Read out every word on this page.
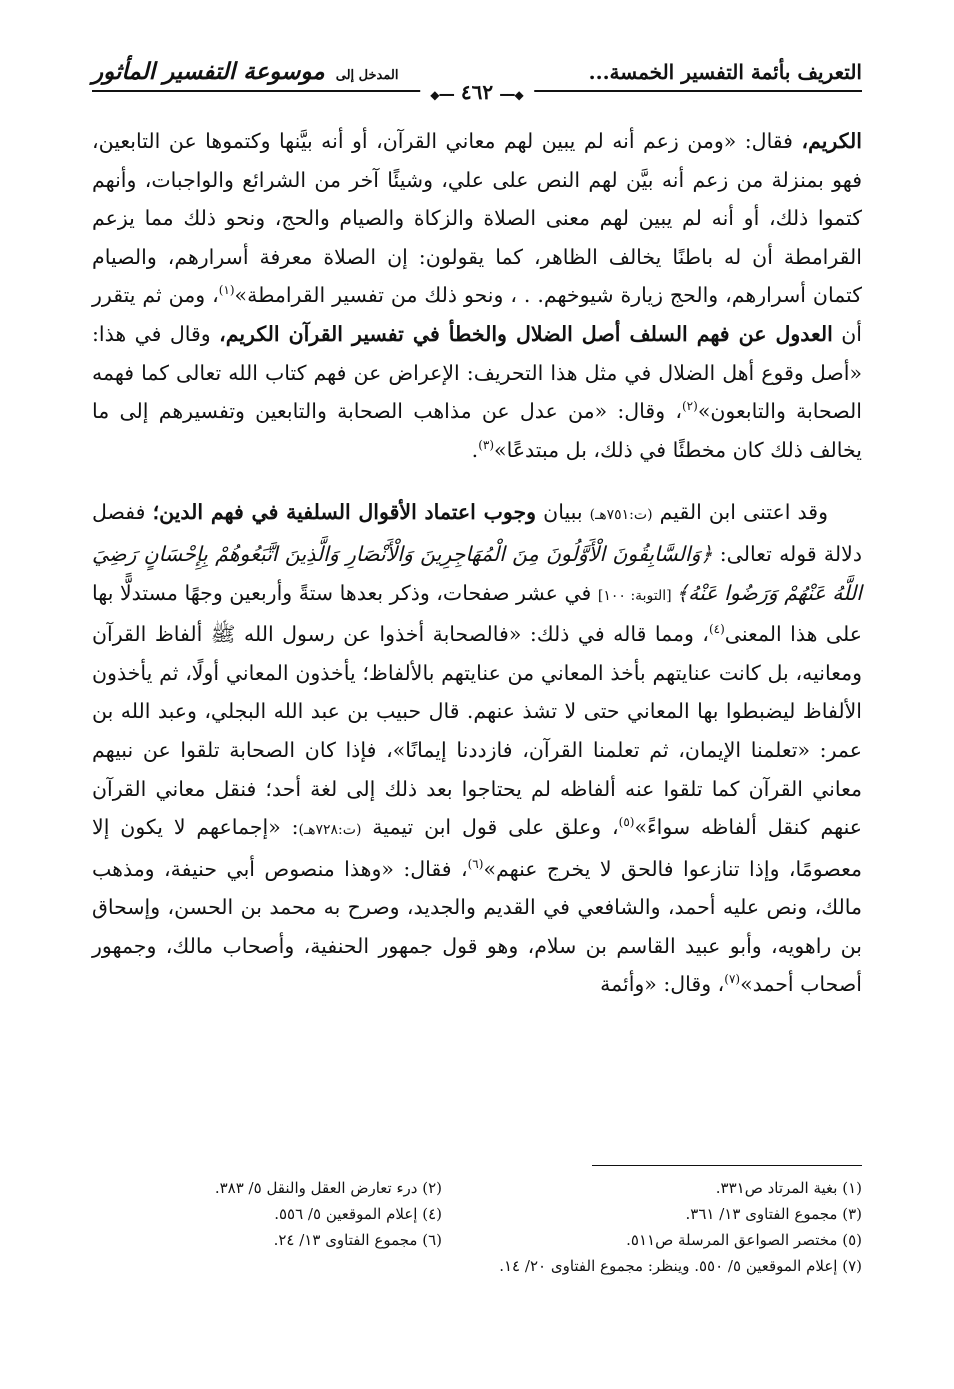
التعريف بأئمة التفسير الخمسة...
المدخل إلى موسوعة التفسير المأثور
◆━━ ٤٦٢ ━━◆

الكريم، فقال: «ومن زعم أنه لم يبين لهم معاني القرآن، أو أنه بيَّنها وكتموها عن التابعين، فهو بمنزلة من زعم أنه بيَّن لهم النص على علي، وشيئًا آخر من الشرائع والواجبات، وأنهم كتموا ذلك، أو أنه لم يبين لهم معنى الصلاة والزكاة والصيام والحج، ونحو ذلك مما يزعم القرامطة أن له باطنًا يخالف الظاهر، كما يقولون: إن الصلاة معرفة أسرارهم، والصيام كتمان أسرارهم، والحج زيارة شيوخهم. . ، ونحو ذلك من تفسير القرامطة»$^{(١)}$، ومن ثم يتقرر أن العدول عن فهم السلف أصل الضلال والخطأ في تفسير القرآن الكريم، وقال في هذا: «أصل وقوع أهل الضلال في مثل هذا التحريف: الإعراض عن فهم كتاب الله تعالى كما فهمه الصحابة والتابعون»$^{(٢)}$، وقال: «من عدل عن مذاهب الصحابة والتابعين وتفسيرهم إلى ما يخالف ذلك كان مخطئًا في ذلك، بل مبتدعًا»$^{(٣)}$.

وقد اعتنى ابن القيم (ت:٧٥١هـ) ببيان وجوب اعتماد الأقوال السلفية في فهم الدين؛ ففصل دلالة قوله تعالى: ﴿وَالسَّابِقُونَ الْأَوَّلُونَ مِنَ الْمُهَاجِرِينَ وَالْأَنْصَارِ وَالَّذِينَ اتَّبَعُوهُمْ بِإِحْسَانٍ رَضِيَ اللَّهُ عَنْهُمْ وَرَضُوا عَنْهُ﴾ [التوبة: ١٠٠] في عشر صفحات، وذكر بعدها ستةً وأربعين وجهًا مستدلًّا بها على هذا المعنى$^{(٤)}$، ومما قاله في ذلك: «فالصحابة أخذوا عن رسول الله ﷺ ألفاظ القرآن ومعانيه، بل كانت عنايتهم بأخذ المعاني من عنايتهم بالألفاظ؛ يأخذون المعاني أولًا، ثم يأخذون الألفاظ ليضبطوا بها المعاني حتى لا تشذ عنهم. قال حبيب بن عبد الله البجلي، وعبد الله بن عمر: «تعلمنا الإيمان، ثم تعلمنا القرآن، فازددنا إيمانًا»، فإذا كان الصحابة تلقوا عن نبيهم معاني القرآن كما تلقوا عنه ألفاظه لم يحتاجوا بعد ذلك إلى لغة أحد؛ فنقل معاني القرآن عنهم كنقل ألفاظه سواءً»$^{(٥)}$، وعلق على قول ابن تيمية (ت:٧٢٨هـ): «إجماعهم لا يكون إلا معصومًا، وإذا تنازعوا فالحق لا يخرج عنهم»$^{(٦)}$، فقال: «وهذا منصوص أبي حنيفة، ومذهب مالك، ونص عليه أحمد، والشافعي في القديم والجديد، وصرح به محمد بن الحسن، وإسحاق بن راهويه، وأبو عبيد القاسم بن سلام، وهو قول جمهور الحنفية، وأصحاب مالك، وجمهور أصحاب أحمد»$^{(٧)}$، وقال: «وأئمة

(١) بغية المرتاد ص٣٣١.
(٢) درء تعارض العقل والنقل ٥/ ٣٨٣.
(٣) مجموع الفتاوى ١٣/ ٣٦١.
(٤) إعلام الموقعين ٥/ ٥٥٦.
(٥) مختصر الصواعق المرسلة ص٥١١.
(٦) مجموع الفتاوى ١٣/ ٢٤.
(٧) إعلام الموقعين ٥/ ٥٥٠. وينظر: مجموع الفتاوى ٢٠/ ١٤.
